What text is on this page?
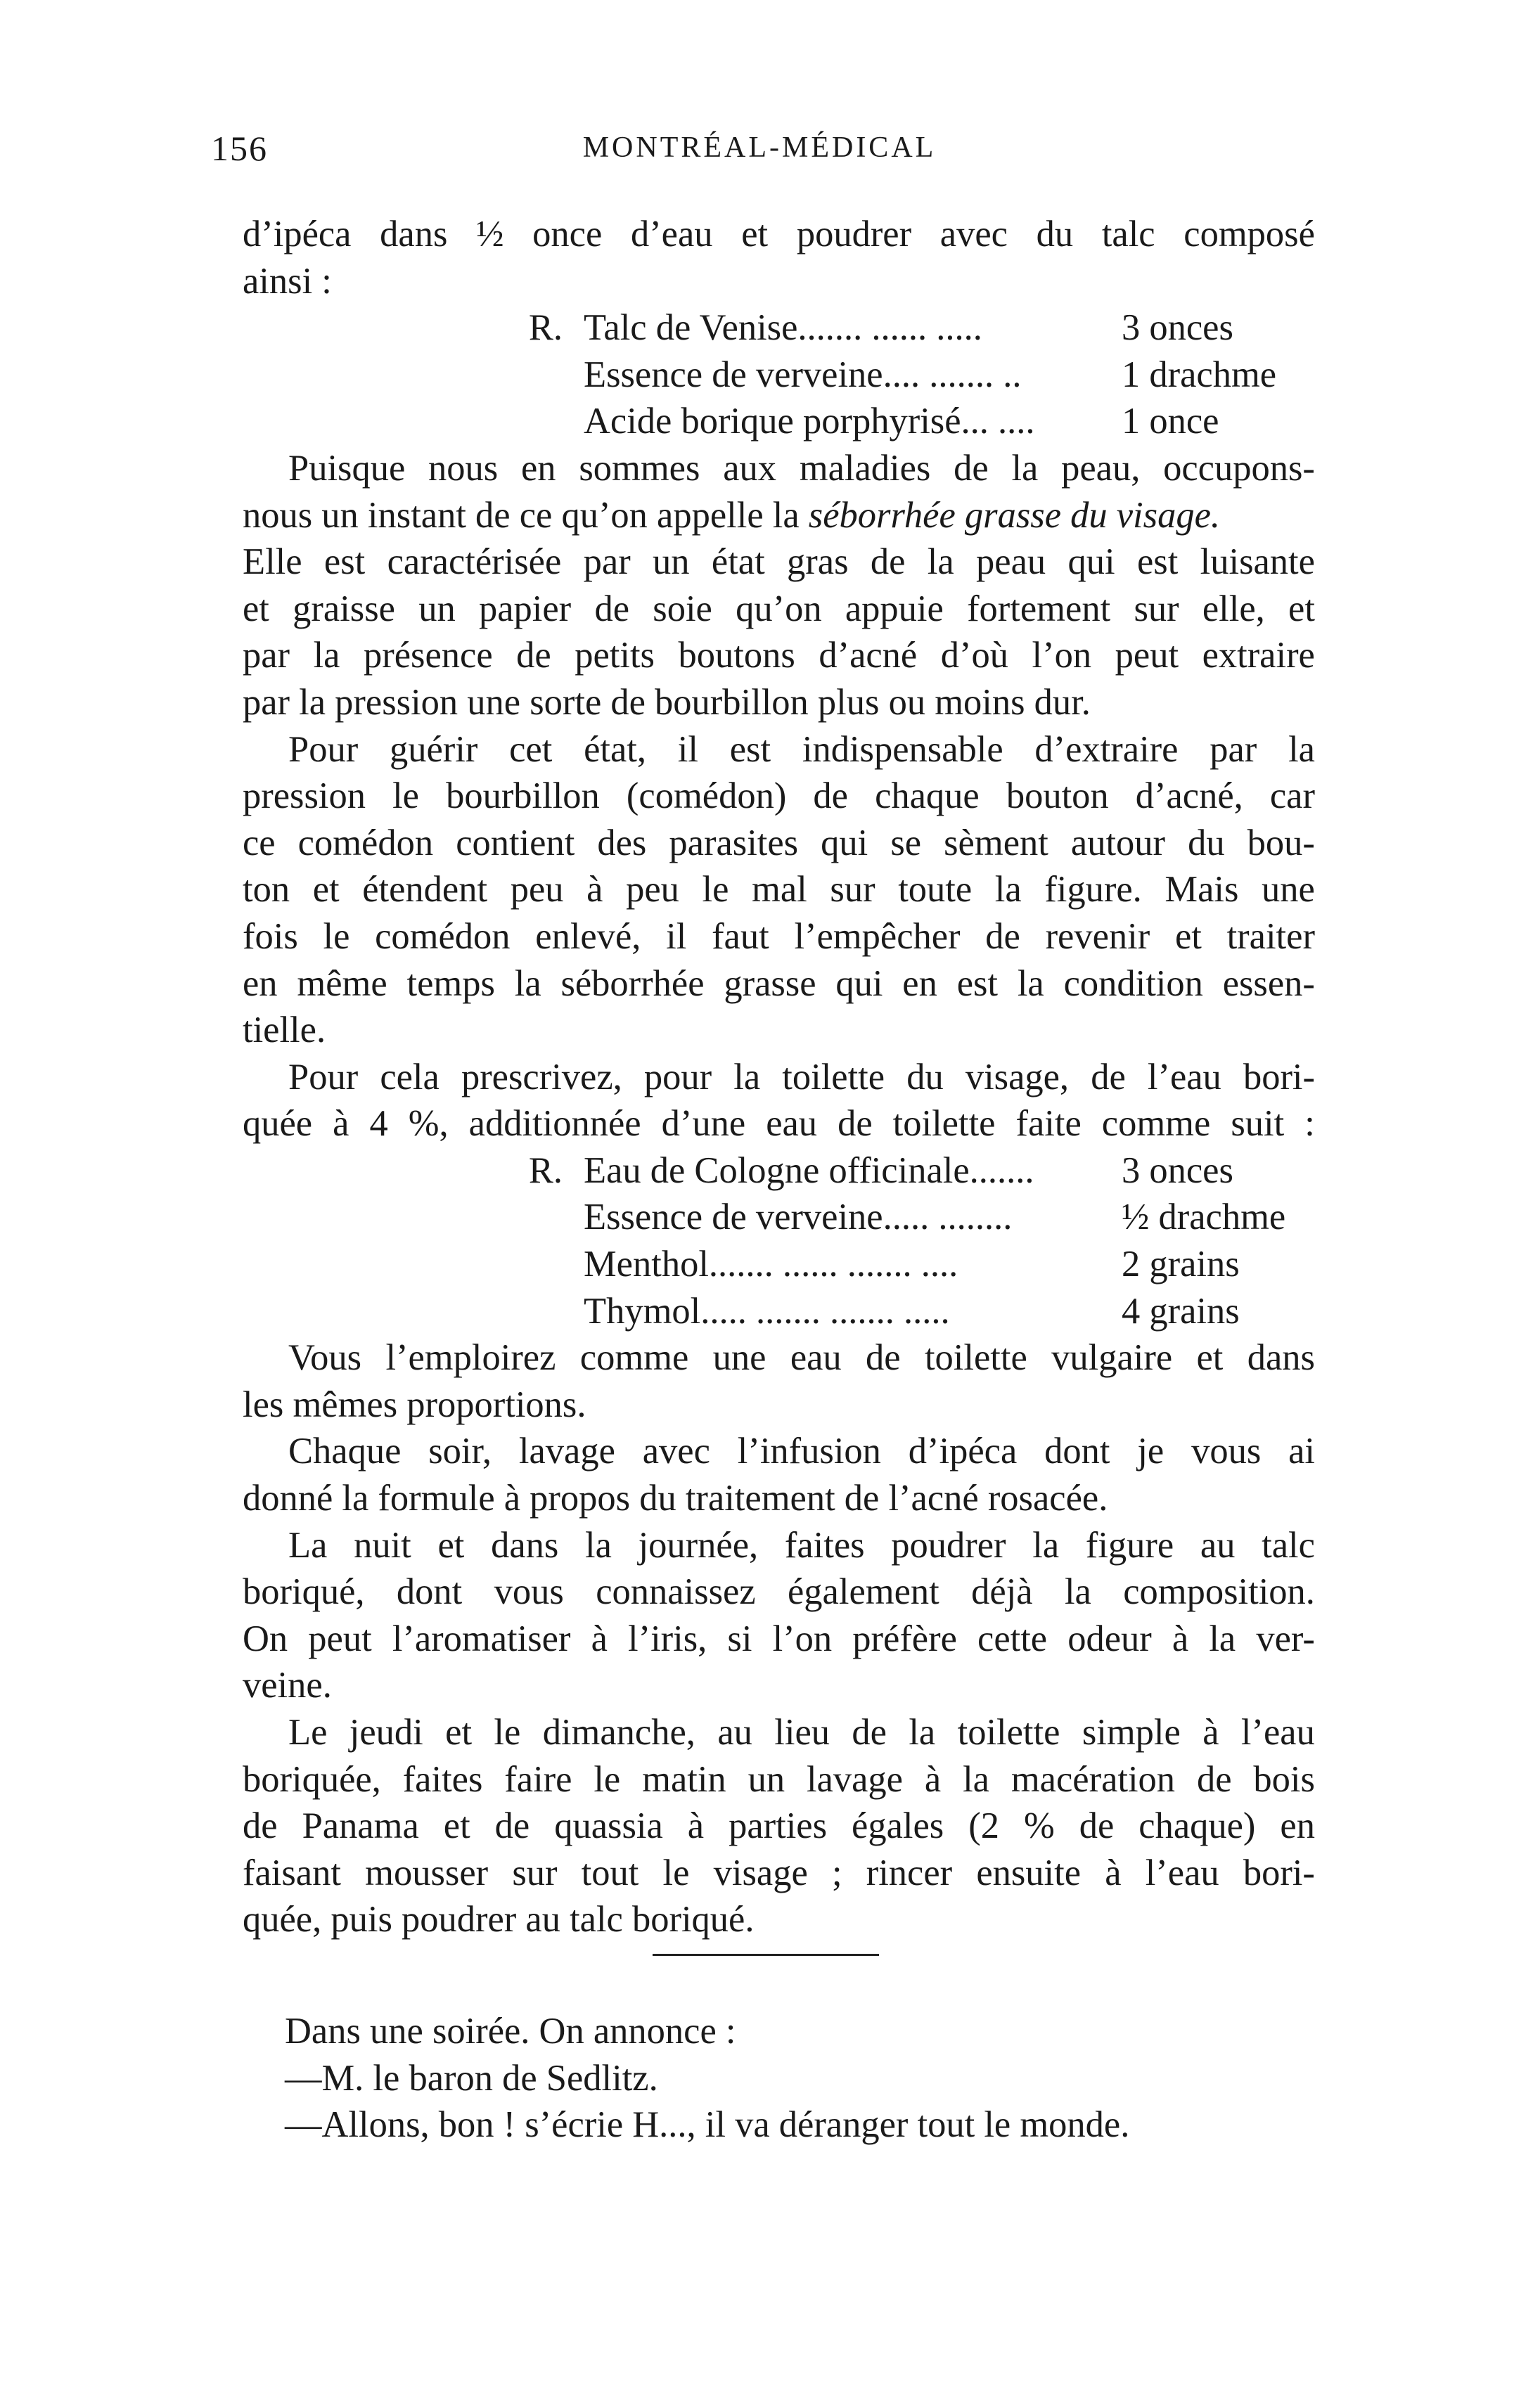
156	MONTRÉAL-MÉDICAL
d’ipéca dans ½ once d’eau et poudrer avec du talc composé
ainsi :
R. Talc de Venise....... ...... .....	3 onces
Essence de verveine.... ....... ..	1 drachme
Acide borique porphyrisé... ....	1 once
Puisque nous en sommes aux maladies de la peau, occupons-
nous un instant de ce qu’on appelle la séborrhée grasse du visage.
Elle est caractérisée par un état gras de la peau qui est luisante
et graisse un papier de soie qu’on appuie fortement sur elle, et
par la présence de petits boutons d’acné d’où l’on peut extraire
par la pression une sorte de bourbillon plus ou moins dur.
Pour guérir cet état, il est indispensable d’extraire par la
pression le bourbillon (comédon) de chaque bouton d’acné, car
ce comédon contient des parasites qui se sèment autour du bou-
ton et étendent peu à peu le mal sur toute la figure. Mais une
fois le comédon enlevé, il faut l’empêcher de revenir et traiter
en même temps la séborrhée grasse qui en est la condition essen-
tielle.
Pour cela prescrivez, pour la toilette du visage, de l’eau bori-
quée à 4 %, additionnée d’une eau de toilette faite comme suit :
R. Eau de Cologne officinale.......	3 onces
Essence de verveine..... ........	½ drachme
Menthol....... ...... ....... ....	2 grains
Thymol..... ....... ....... .....	4 grains
Vous l’emploirez comme une eau de toilette vulgaire et dans
les mêmes proportions.
Chaque soir, lavage avec l’infusion d’ipéca dont je vous ai
donné la formule à propos du traitement de l’acné rosacée.
La nuit et dans la journée, faites poudrer la figure au talc
boriqué, dont vous connaissez également déjà la composition.
On peut l’aromatiser à l’iris, si l’on préfère cette odeur à la ver-
veine.
Le jeudi et le dimanche, au lieu de la toilette simple à l’eau
boriquée, faites faire le matin un lavage à la macération de bois
de Panama et de quassia à parties égales (2 % de chaque) en
faisant mousser sur tout le visage ; rincer ensuite à l’eau bori-
quée, puis poudrer au talc boriqué.
Dans une soirée. On annonce :
—M. le baron de Sedlitz.
—Allons, bon ! s’écrie H..., il va déranger tout le monde.
